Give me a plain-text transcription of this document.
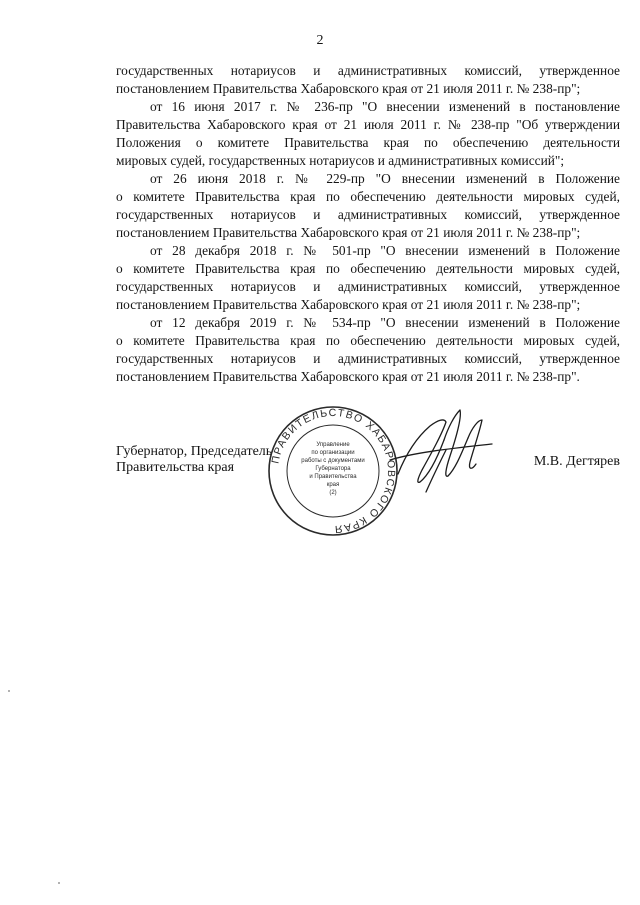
2

государственных нотариусов и административных комиссий, утвержденное
постановлением Правительства Хабаровского края от 21 июля 2011 г. № 238-пр";

от 16 июня 2017 г. № 236-пр "О внесении изменений в постановление
Правительства Хабаровского края от 21 июля 2011 г. № 238-пр "Об утверждении
Положения о комитете Правительства края по обеспечению деятельности
мировых судей, государственных нотариусов и административных комиссий";

от 26 июня 2018 г. № 229-пр "О внесении изменений в Положение
о комитете Правительства края по обеспечению деятельности мировых судей,
государственных нотариусов и административных комиссий, утвержденное
постановлением Правительства Хабаровского края от 21 июля 2011 г. № 238-пр";

от 28 декабря 2018 г. № 501-пр "О внесении изменений в Положение
о комитете Правительства края по обеспечению деятельности мировых судей,
государственных нотариусов и административных комиссий, утвержденное
постановлением Правительства Хабаровского края от 21 июля 2011 г. № 238-пр";

от 12 декабря 2019 г. № 534-пр "О внесении изменений в Положение
о комитете Правительства края по обеспечению деятельности мировых судей,
государственных нотариусов и административных комиссий, утвержденное
постановлением Правительства Хабаровского края от 21 июля 2011 г. № 238-пр".

Губернатор, Председатель
Правительства края	М.В. Дегтярев
ПРАВИТЕЛЬСТВО ХАБАРОВСКОГО КРАЯ
Управление
по организации
работы с документами
Губернатора
и Правительства
края
(2)
